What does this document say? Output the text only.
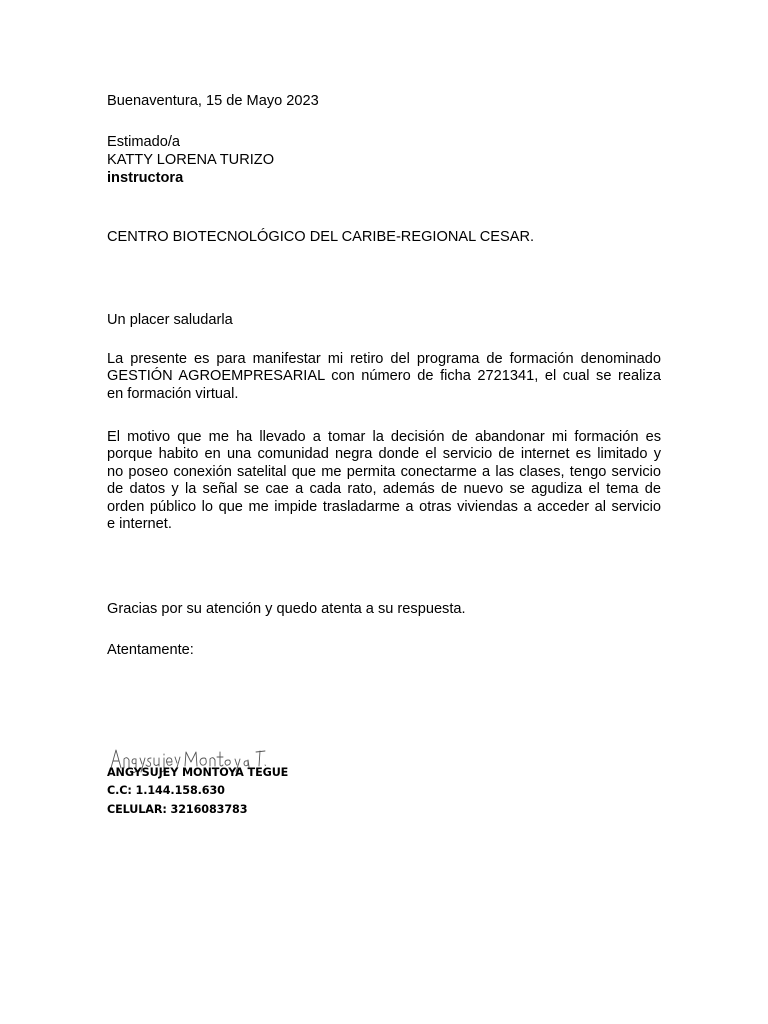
Buenaventura, 15 de Mayo 2023

Estimado/a

KATTY LORENA TURIZO

instructora

CENTRO BIOTECNOLÓGICO DEL CARIBE-REGIONAL CESAR.

Un placer saludarla

La presente es para manifestar mi retiro del programa de formación denominado
GESTIÓN AGROEMPRESARIAL con número de ficha 2721341, el cual se realiza
en formación virtual.
El motivo que me ha llevado a tomar la decisión de abandonar mi formación es
porque habito en una comunidad negra donde el servicio de internet es limitado y
no poseo conexión satelital que me permita conectarme a las clases, tengo servicio
de datos y la señal se cae a cada rato, además de nuevo se agudiza el tema de
orden público lo que me impide trasladarme a otras viviendas a acceder al servicio
e internet.

Gracias por su atención y quedo atenta a su respuesta.

Atentamente:

ANGYSUJEY MONTOYA TEGUE

C.C: 1.144.158.630

CELULAR: 3216083783
